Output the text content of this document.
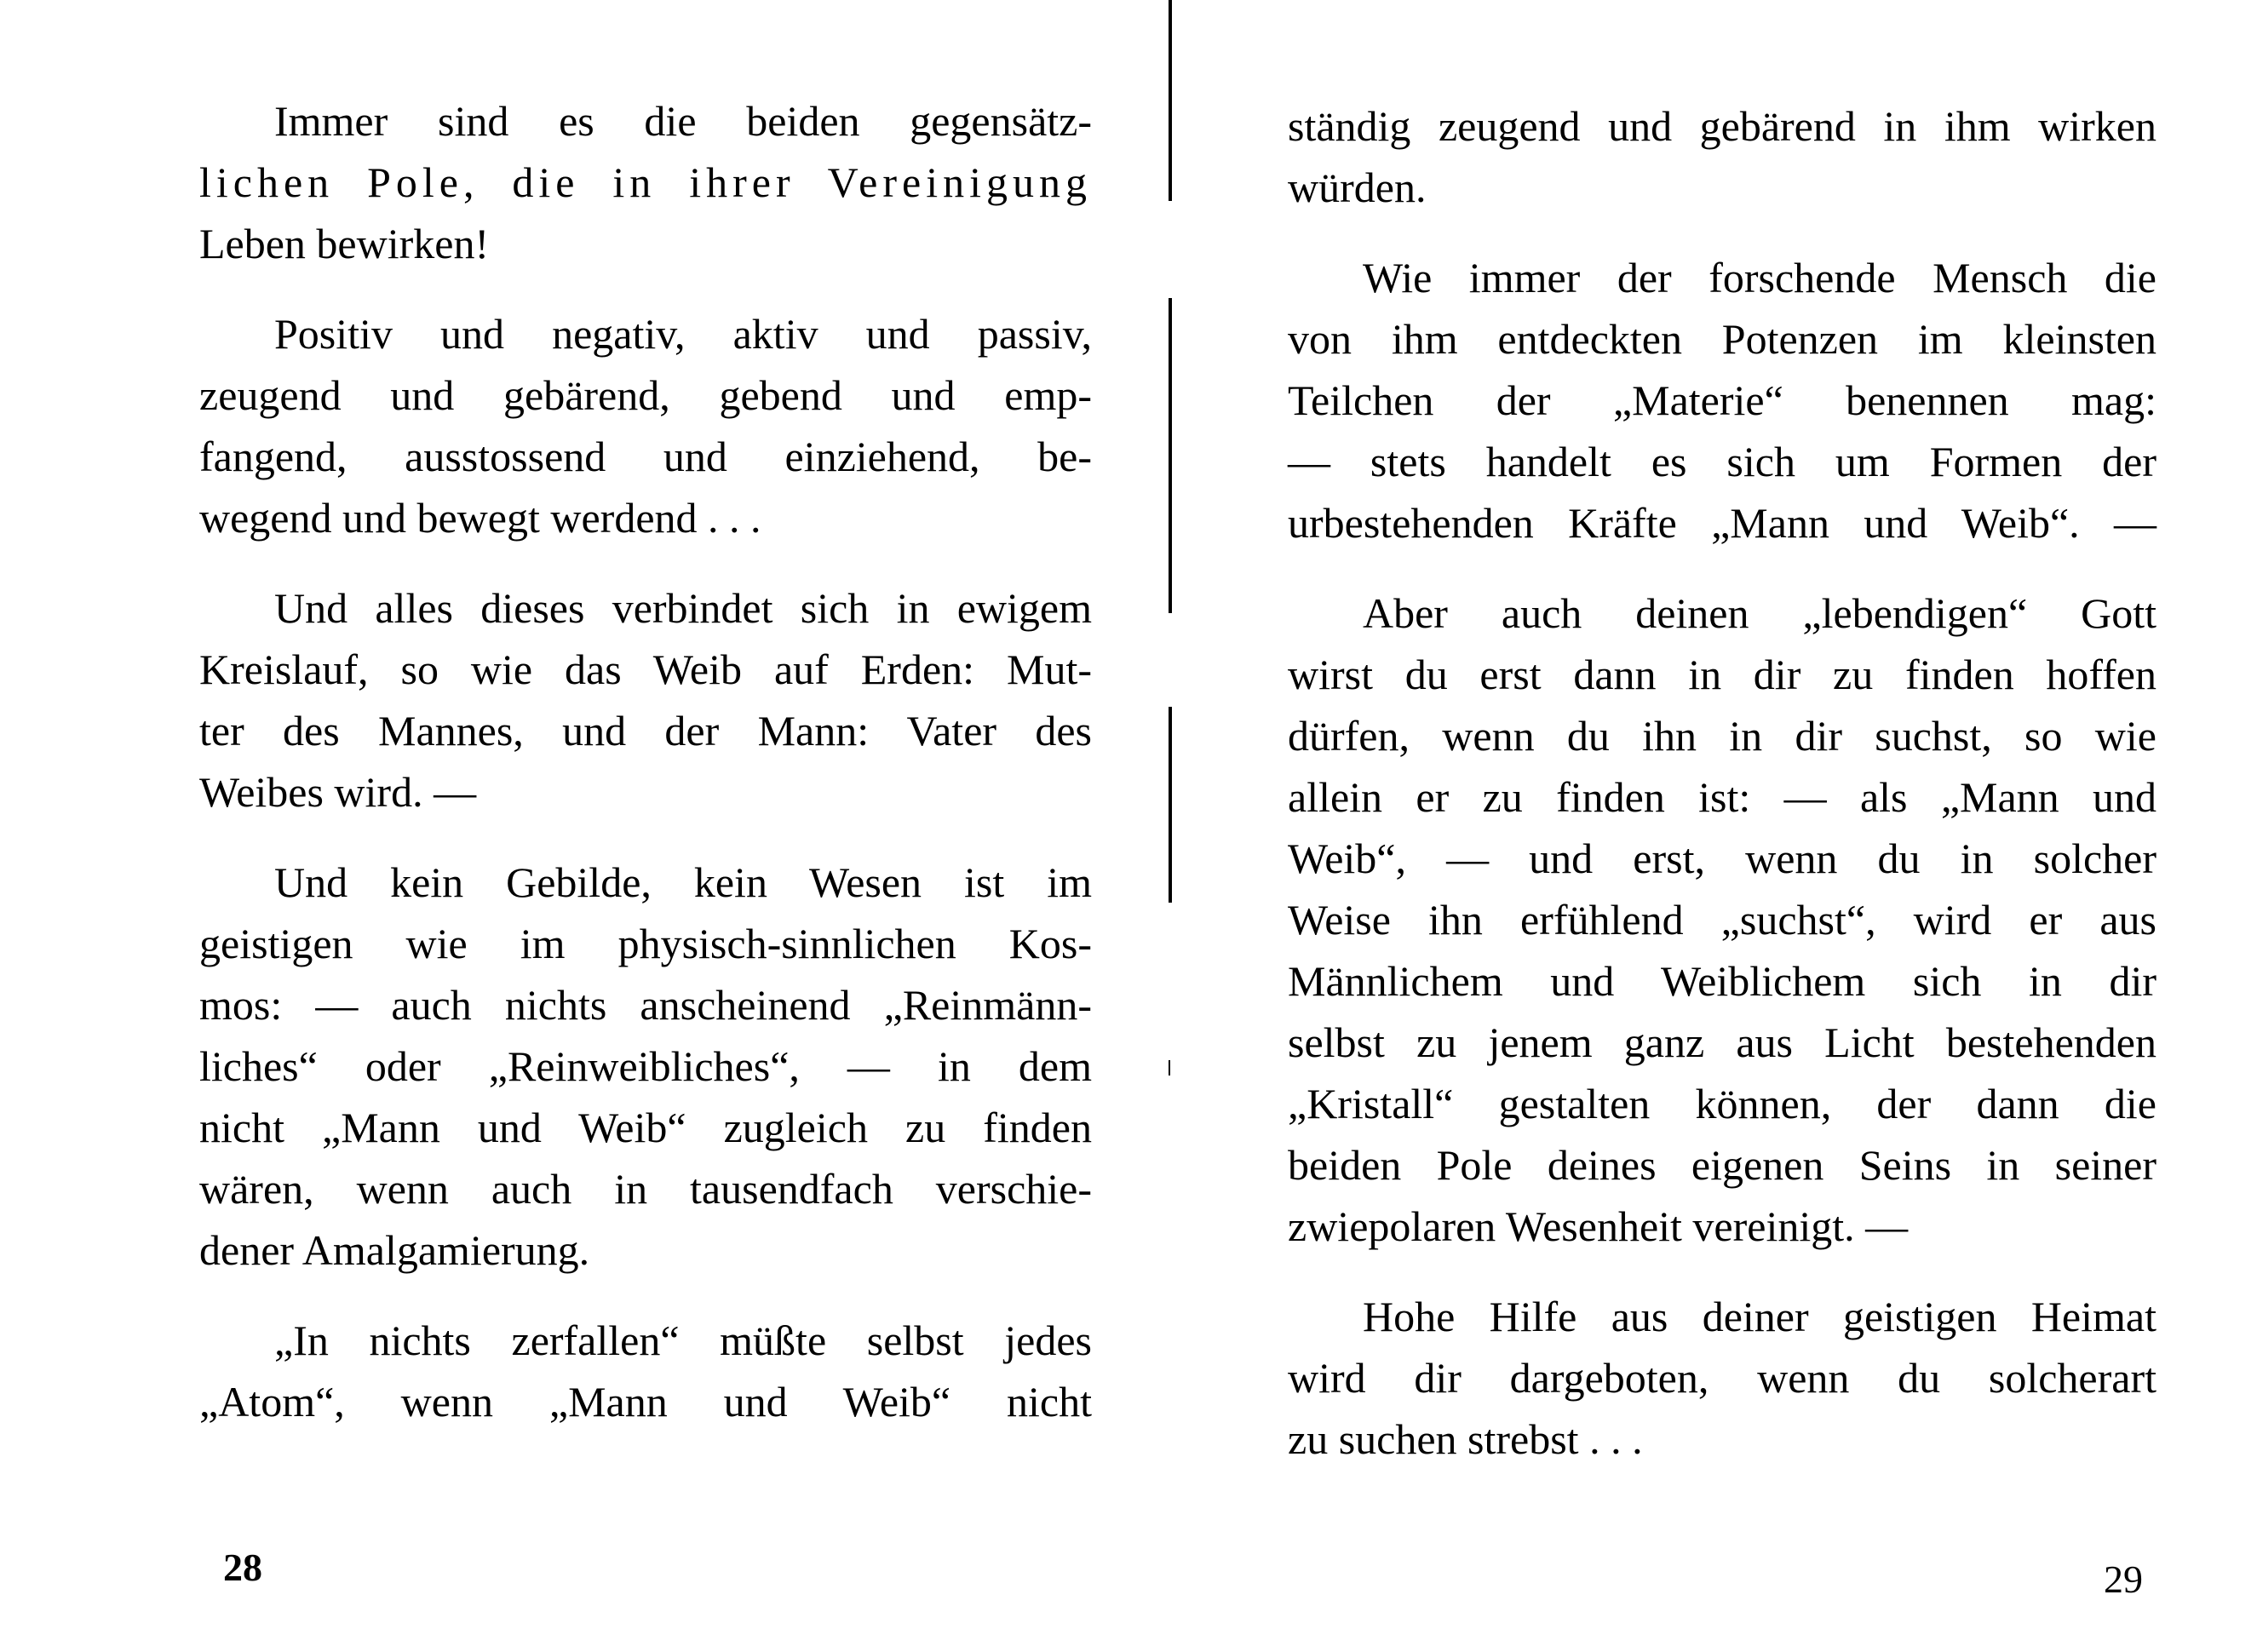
Immer sind es die beiden gegensätz-
lichen Pole, die in ihrer Vereinigung
Leben bewirken!
Positiv und negativ, aktiv und passiv,
zeugend und gebärend, gebend und emp-
fangend, ausstossend und einziehend, be-
wegend und bewegt werdend . . .
Und alles dieses verbindet sich in ewigem
Kreislauf, so wie das Weib auf Erden: Mut-
ter des Mannes, und der Mann: Vater des
Weibes wird. —
Und kein Gebilde, kein Wesen ist im
geistigen wie im physisch-sinnlichen Kos-
mos: — auch nichts anscheinend „Reinmänn-
liches“ oder „Reinweibliches“, — in dem
nicht „Mann und Weib“ zugleich zu finden
wären, wenn auch in tausendfach verschie-
dener Amalgamierung.
„In nichts zerfallen“ müßte selbst jedes
„Atom“, wenn „Mann und Weib“ nicht
28
ständig zeugend und gebärend in ihm wirken
würden.
Wie immer der forschende Mensch die
von ihm entdeckten Potenzen im kleinsten
Teilchen der „Materie“ benennen mag:
— stets handelt es sich um Formen der
urbestehenden Kräfte „Mann und Weib“. —
Aber auch deinen „lebendigen“ Gott
wirst du erst dann in dir zu finden hoffen
dürfen, wenn du ihn in dir suchst, so wie
allein er zu finden ist: — als „Mann und
Weib“, — und erst, wenn du in solcher
Weise ihn erfühlend „suchst“, wird er aus
Männlichem und Weiblichem sich in dir
selbst zu jenem ganz aus Licht bestehenden
„Kristall“ gestalten können, der dann die
beiden Pole deines eigenen Seins in seiner
zwiepolaren Wesenheit vereinigt. —
Hohe Hilfe aus deiner geistigen Heimat
wird dir dargeboten, wenn du solcherart
zu suchen strebst . . .
29
